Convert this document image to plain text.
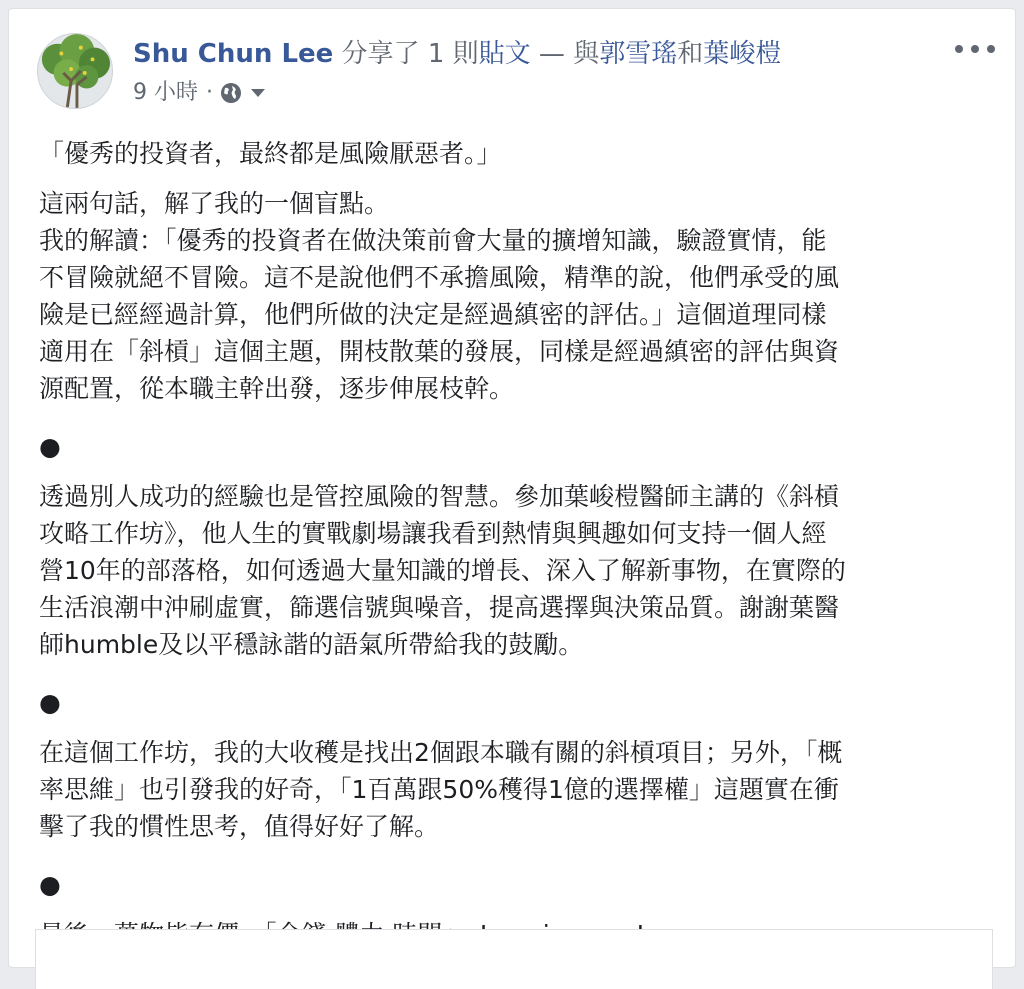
Shu Chun Lee 分享了 1 則貼文 — 與郭雪瑤和葉峻榿
9 小時 ·
「優秀的投資者，最終都是風險厭惡者。」
這兩句話，解了我的一個盲點。
我的解讀：「優秀的投資者在做決策前會大量的擴增知識，驗證實情，能
不冒險就絕不冒險。這不是說他們不承擔風險，精準的說，他們承受的風
險是已經經過計算，他們所做的決定是經過縝密的評估。」這個道理同樣
適用在「斜槓」這個主題，開枝散葉的發展，同樣是經過縝密的評估與資
源配置，從本職主幹出發，逐步伸展枝幹。
●
透過別人成功的經驗也是管控風險的智慧。參加葉峻榿醫師主講的《斜槓
攻略工作坊》，他人生的實戰劇場讓我看到熱情與興趣如何支持一個人經
營10年的部落格，如何透過大量知識的增長、深入了解新事物，在實際的
生活浪潮中沖刷虛實，篩選信號與噪音，提高選擇與決策品質。謝謝葉醫
師humble及以平穩詠諧的語氣所帶給我的鼓勵。
●
在這個工作坊，我的大收穫是找出2個跟本職有關的斜槓項目；另外，「概
率思維」也引發我的好奇，「1百萬跟50%穫得1億的選擇權」這題實在衝
擊了我的慣性思考，值得好好了解。
●
